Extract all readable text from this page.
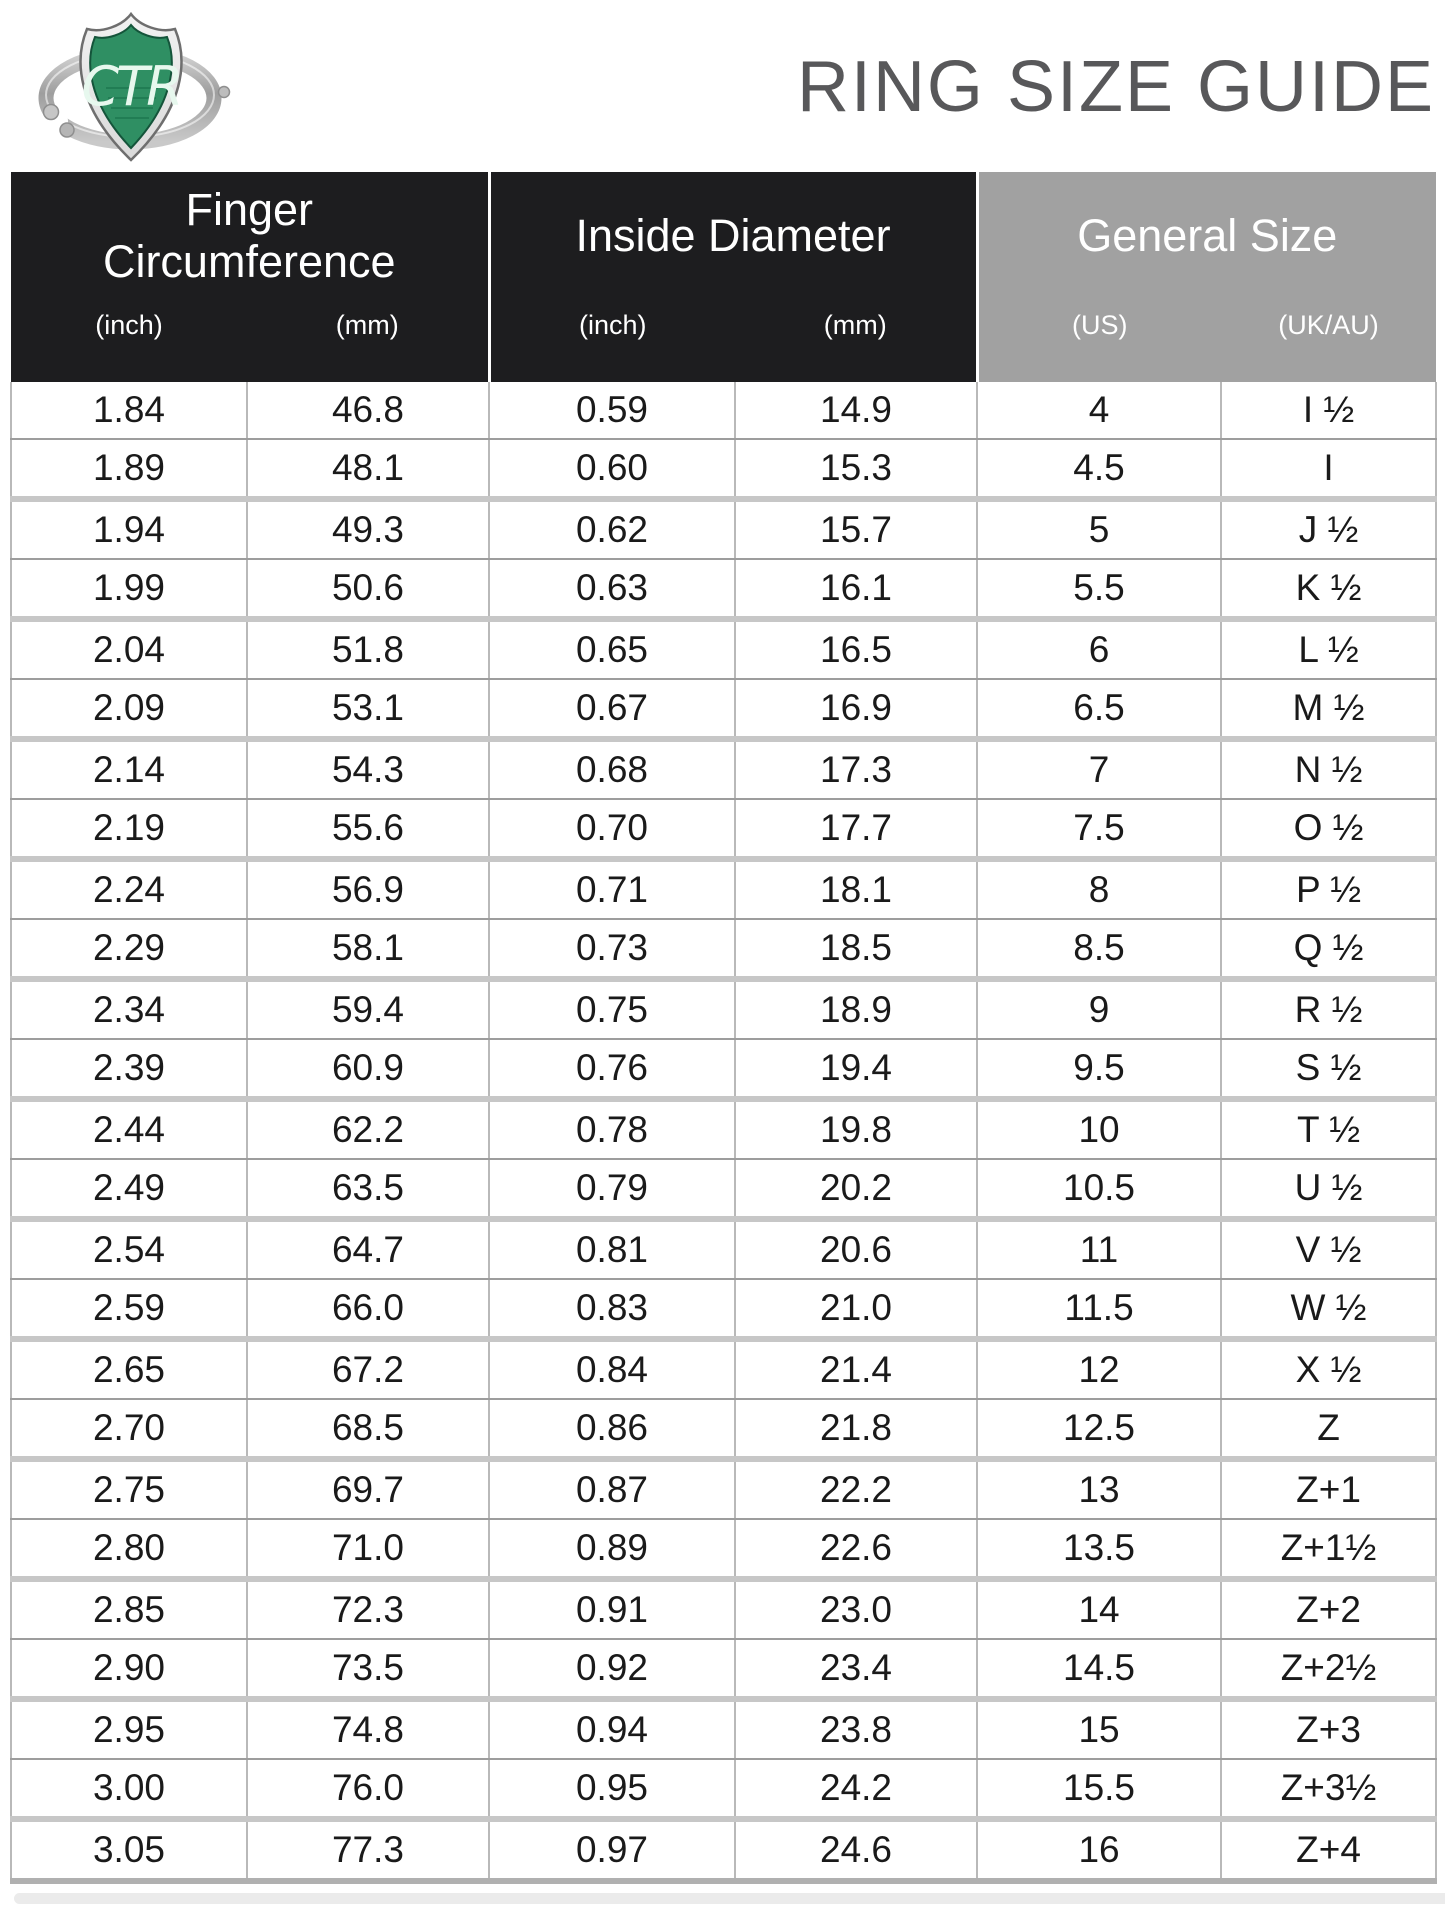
CTR	RING SIZE GUIDE
Finger Circumference		Inside Diameter		General Size	

(inch)	(mm)	(inch)	(mm)	(US)	(UK/AU)
1.84	46.8	0.59	14.9	4	I ½
1.89	48.1	0.60	15.3	4.5	I
1.94	49.3	0.62	15.7	5	J ½
1.99	50.6	0.63	16.1	5.5	K ½
2.04	51.8	0.65	16.5	6	L ½
2.09	53.1	0.67	16.9	6.5	M ½
2.14	54.3	0.68	17.3	7	N ½
2.19	55.6	0.70	17.7	7.5	O ½
2.24	56.9	0.71	18.1	8	P ½
2.29	58.1	0.73	18.5	8.5	Q ½
2.34	59.4	0.75	18.9	9	R ½
2.39	60.9	0.76	19.4	9.5	S ½
2.44	62.2	0.78	19.8	10	T ½
2.49	63.5	0.79	20.2	10.5	U ½
2.54	64.7	0.81	20.6	11	V ½
2.59	66.0	0.83	21.0	11.5	W ½
2.65	67.2	0.84	21.4	12	X ½
2.70	68.5	0.86	21.8	12.5	Z
2.75	69.7	0.87	22.2	13	Z+1
2.80	71.0	0.89	22.6	13.5	Z+1½
2.85	72.3	0.91	23.0	14	Z+2
2.90	73.5	0.92	23.4	14.5	Z+2½
2.95	74.8	0.94	23.8	15	Z+3
3.00	76.0	0.95	24.2	15.5	Z+3½
3.05	77.3	0.97	24.6	16	Z+4
